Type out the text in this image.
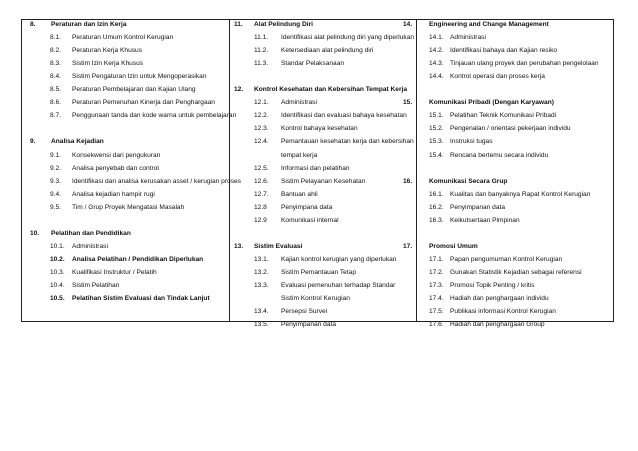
8. Peraturan dan Izin Kerja
8.1. Peraturan Umum Kontrol Kerugian
8.2. Peraturan Kerja Khusus
8.3. Sistim Izin Kerja Khusus
8.4. Sistim Pengaturan Izin untuk Mengoperasikan
8.5. Peraturan Pembelajaran dan Kajian Ulang
8.6. Peraturan Pemenuhan Kinerja dan Penghargaan
8.7. Penggunaan tanda dan kode warna untuk pembelajaran
9. Analisa Kejadian
9.1. Konsekwensi dari pengukuran
9.2. Analisa penyebab dan control
9.3. Identifikasi dan analisa kerusakan asset / kerugian proses
9.4. Analisa kejadian hampir rugi
9.5. Tim / Grup Proyek Mengatasi Masalah
10. Pelatihan dan Pendidikan
10.1. Administrasi
10.2. Analisa Pelatihan / Pendidikan Diperlukan
10.3. Kualifikasi Instruktur / Pelatih
10.4. Sistim Pelatihan
10.5. Pelatihan Sistim Evaluasi dan Tindak Lanjut
11. Alat Pelindung Diri
11.1. Identifikasi alat pelindung diri yang diperlukan
11.2. Ketersediaan alat pelindung diri
11.3. Standar Pelaksanaan
12. Kontrol Kesehatan dan Kebersihan Tempat Kerja
12.1. Administrasi
12.2. Identifikasi dan evaluasi bahaya kesehatan
12.3. Kontrol bahaya kesehatan
12.4. Pemantauan kesehatan kerja dan kebersihan
tempat kerja
12.5. Informasi dan pelatihan
12.6. Sistim Pelayanan Kesehatan
12.7. Bantuan ahli
12.8 Penyimpana data
12.9 Komunikasi internal
13. Sistim Evaluasi
13.1. Kajian kontrol kerugian yang diperlukan
13.2. Sistim Pemantauan Tetap
13.3. Evaluasi pemenuhan terhadap Standar
Sistim Kontrol Kerugian
13.4. Persepsi Survei
13.5. Penyimpanan data
14.	Engineering and Change Management
14.1. Administrasi
14.2. Identifikasi bahaya dan Kajian resiko
14.3. Tinjauan ulang proyek dan perubahan pengelolaan
14.4. Kontrol operasi dan proses kerja
15.	Komunikasi Pribadi (Dengan Karyawan)
15.1. Pelatihan Teknik Komunikasi Pribadi
15.2. Pengenalan / orientasi pekerjaan individu
15.3. Instruksi tugas
15.4. Rencana bertemu secara individu
16.	Komunikasi Secara Grup
16.1. Kualitas dan banyaknya Rapat Kontrol Kerugian
16.2. Penyimpanan data
16.3. Keikutsertaan Pimpinan
17.	Promosi Umum
17.1. Papan pengumuman Kontrol Kerugian
17.2. Gunakan Statistik Kejadian sebagai referensi
17.3. Promosi Topik Penting / kritis
17.4. Hadiah dan penghargaan individu
17.5. Publikasi informasi Kontrol Kerugian
17.6. Hadiah dan penghargaan Group
